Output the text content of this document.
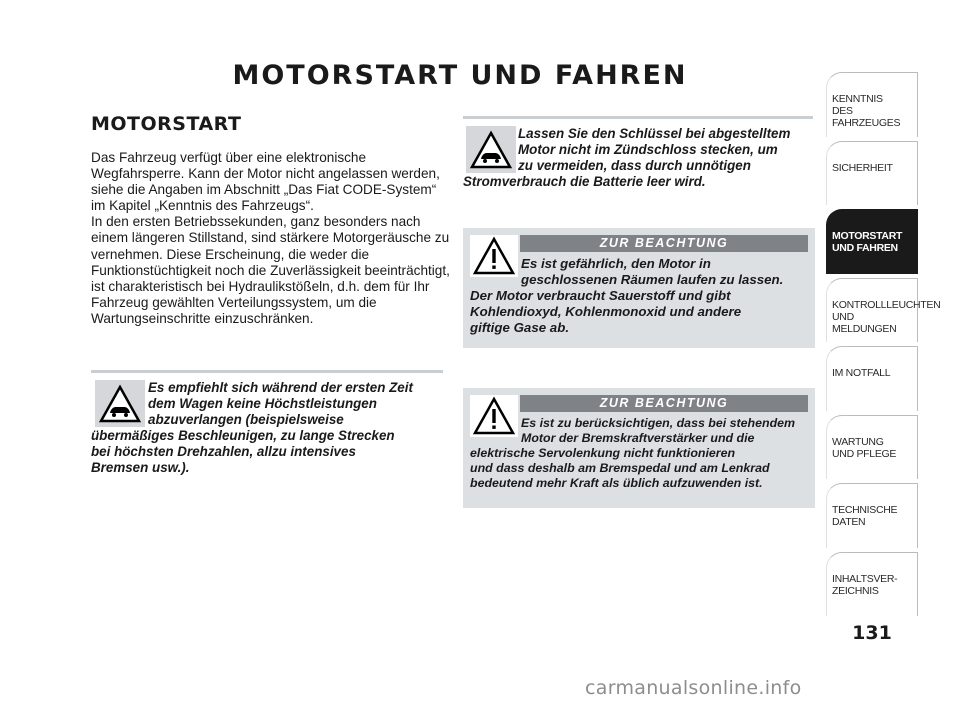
MOTORSTART UND FAHREN
MOTORSTART

Das Fahrzeug verfügt über eine elektronische Wegfahrsperre. Kann der Motor nicht angelassen werden, siehe die Angaben im Abschnitt „Das Fiat CODE-System“ im Kapitel „Kenntnis des Fahrzeugs“.

In den ersten Betriebssekunden, ganz besonders nach einem längeren Stillstand, sind stärkere Motorgeräusche zu vernehmen. Diese Erscheinung, die weder die Funktionstüchtigkeit noch die Zuverlässigkeit beeinträchtigt, ist charakteristisch bei Hydraulikstößeln, d.h. dem für Ihr Fahrzeug gewählten Verteilungssystem, um die Wartungseinschritte einzuschränken.

Es empfiehlt sich während der ersten Zeit
dem Wagen keine Höchstleistungen
abzuverlangen (beispielsweise
übermäßiges Beschleunigen, zu lange Strecken
bei höchsten Drehzahlen, allzu intensives
Bremsen usw.).

Lassen Sie den Schlüssel bei abgestelltem
Motor nicht im Zündschloss stecken, um
zu vermeiden, dass durch unnötigen
Stromverbrauch die Batterie leer wird.

ZUR BEACHTUNG

Es ist gefährlich, den Motor in
geschlossenen Räumen laufen zu lassen.
Der Motor verbraucht Sauerstoff und gibt
Kohlendioxyd, Kohlenmonoxid und andere
giftige Gase ab.

ZUR BEACHTUNG

Es ist zu berücksichtigen, dass bei stehendem
Motor der Bremskraftverstärker und die
elektrische Servolenkung nicht funktionieren
und dass deshalb am Bremspedal und am Lenkrad
bedeutend mehr Kraft als üblich aufzuwenden ist.

KENNTNIS
DES FAHRZEUGES
SICHERHEIT
MOTORSTART
UND FAHREN
KONTROLLLEUCHTEN
UND MELDUNGEN
IM NOTFALL
WARTUNG
UND PFLEGE
TECHNISCHE
DATEN
INHALTSVER-
ZEICHNIS
131
carmanualsonline.info
